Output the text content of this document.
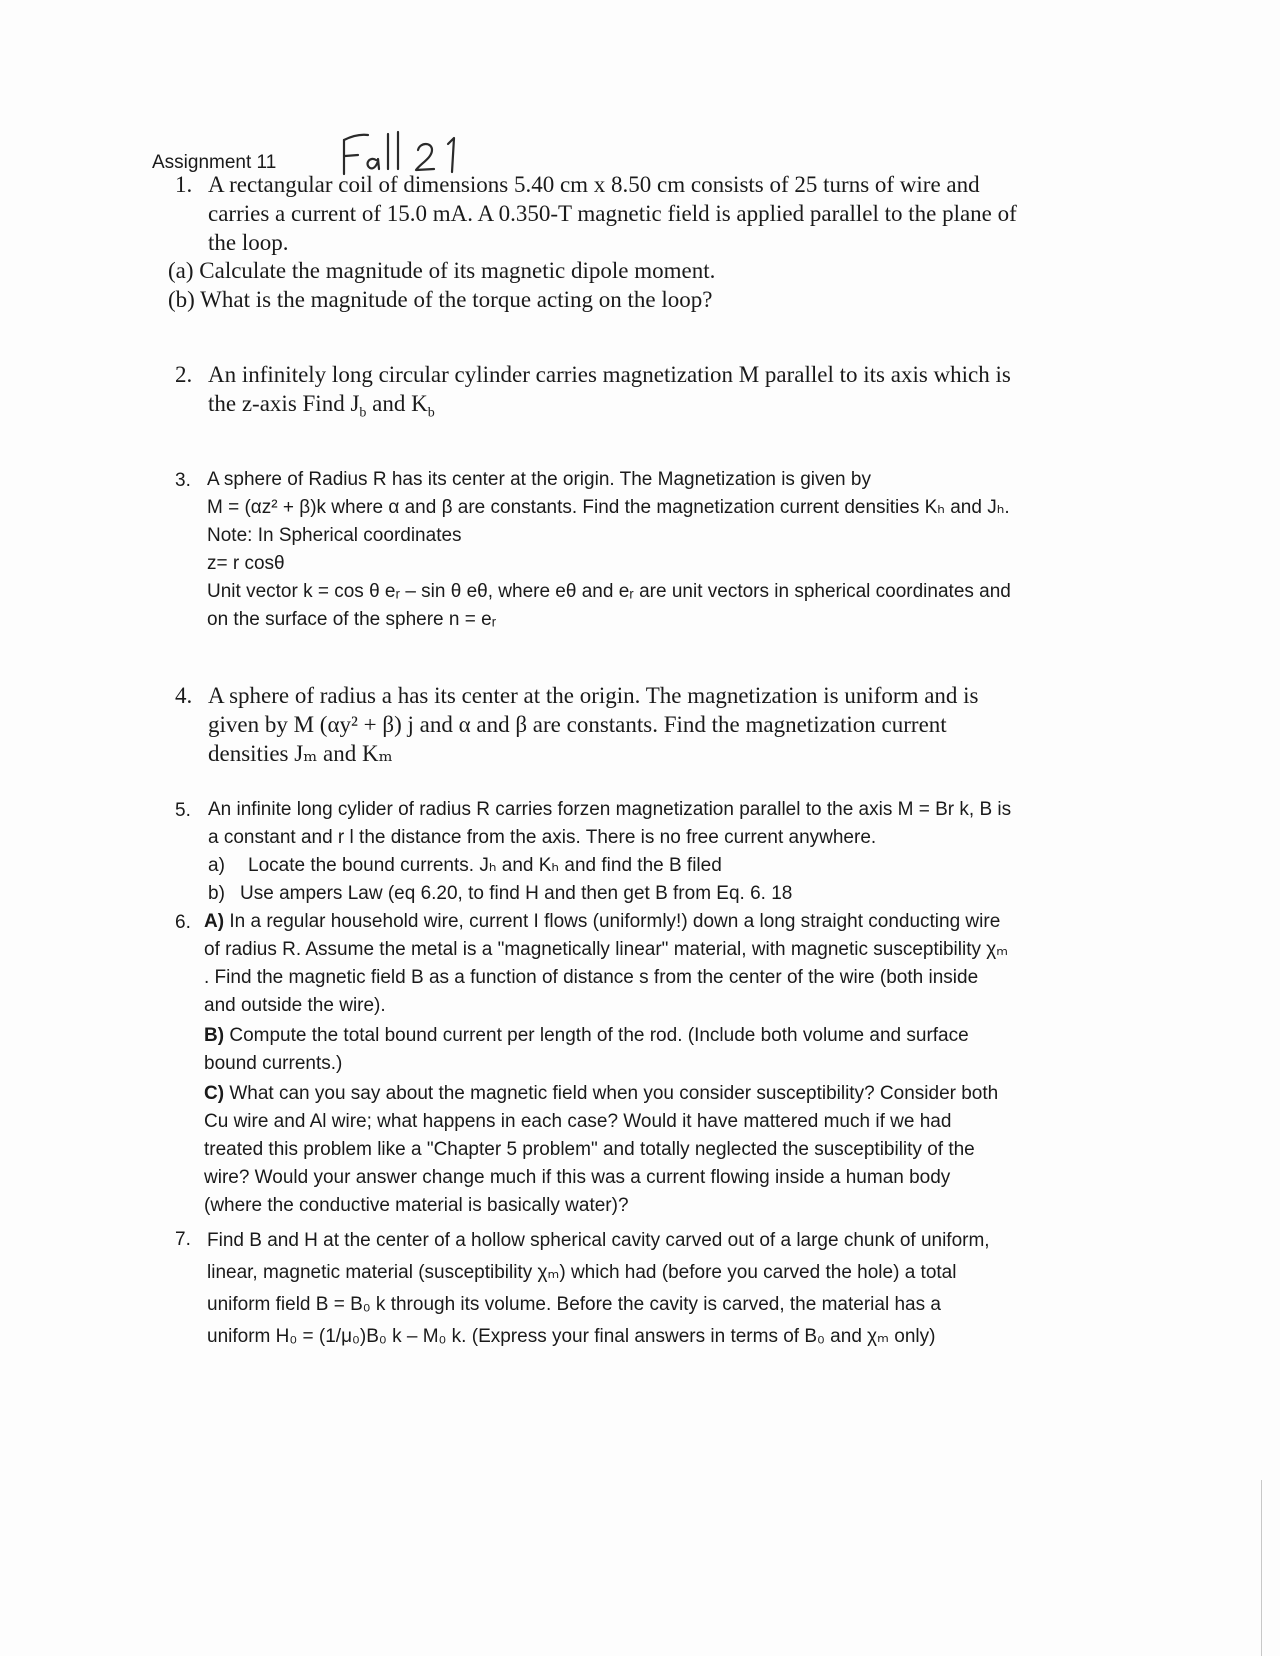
Assignment 11
1. A rectangular coil of dimensions 5.40 cm x 8.50 cm consists of 25 turns of wire and
carries a current of 15.0 mA. A 0.350-T magnetic field is applied parallel to the plane of
the loop.
(a) Calculate the magnitude of its magnetic dipole moment.
(b) What is the magnitude of the torque acting on the loop?
2. An infinitely long circular cylinder carries magnetization M parallel to its axis which is
the z-axis Find $J_b$ and $K_b$
3. A sphere of Radius R has its center at the origin. The Magnetization is given by
M = (αz² + β)k where α and β are constants. Find the magnetization current densities Kₕ and Jₕ.
Note: In Spherical coordinates
z= r cosθ
Unit vector k = cos θ eᵣ – sin θ eθ, where eθ and eᵣ are unit vectors in spherical coordinates and
on the surface of the sphere n = eᵣ
4. A sphere of radius a has its center at the origin. The magnetization is uniform and is
given by M (αy² + β) j and α and β are constants. Find the magnetization current
densities Jₘ and Kₘ
5. An infinite long cylider of radius R carries forzen magnetization parallel to the axis M = Br k, B is
a constant and r l the distance from the axis. There is no free current anywhere.
a) Locate the bound currents. Jₕ and Kₕ and find the B filed
b) Use ampers Law (eq 6.20, to find H and then get B from Eq. 6. 18
6. A) In a regular household wire, current I flows (uniformly!) down a long straight conducting wire
of radius R. Assume the metal is a "magnetically linear" material, with magnetic susceptibility χₘ
. Find the magnetic field B as a function of distance s from the center of the wire (both inside
and outside the wire).
B) Compute the total bound current per length of the rod. (Include both volume and surface
bound currents.)
C) What can you say about the magnetic field when you consider susceptibility? Consider both
Cu wire and Al wire; what happens in each case? Would it have mattered much if we had
treated this problem like a "Chapter 5 problem" and totally neglected the susceptibility of the
wire? Would your answer change much if this was a current flowing inside a human body
(where the conductive material is basically water)?
7. Find B and H at the center of a hollow spherical cavity carved out of a large chunk of uniform,
linear, magnetic material (susceptibility χₘ) which had (before you carved the hole) a total
uniform field B = B₀ k through its volume. Before the cavity is carved, the material has a
uniform H₀ = (1/μ₀)B₀ k – M₀ k. (Express your final answers in terms of B₀ and χₘ only)
